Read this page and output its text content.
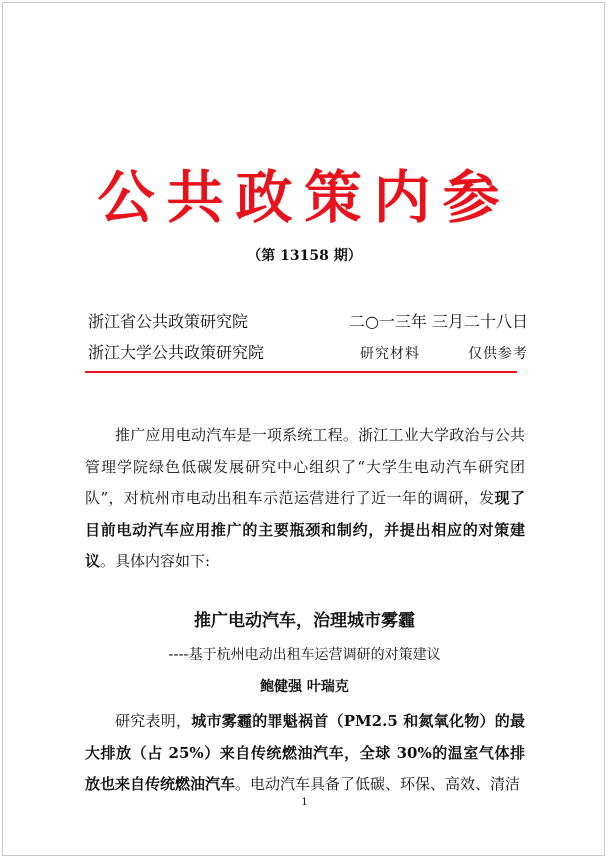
公共政策内参
（第 13158 期）
浙江省公共政策研究院	二○一三年 三月二十八日
浙江大学公共政策研究院	研究材料	仅供参考

推广应用电动汽车是一项系统工程。浙江工业大学政治与公共管理学院绿色低碳发展研究中心组织了“大学生电动汽车研究团队”，对杭州市电动出租车示范运营进行了近一年的调研，发现了目前电动汽车应用推广的主要瓶颈和制约，并提出相应的对策建议。具体内容如下:

推广电动汽车，治理城市雾霾
----基于杭州电动出租车运营调研的对策建议
鲍健强 叶瑞克

研究表明，城市雾霾的罪魁祸首（PM2.5 和氮氧化物）的最大排放（占 25%）来自传统燃油汽车，全球 30%的温室气体排放也来自传统燃油汽车。电动汽车具备了低碳、环保、高效、清洁

1
